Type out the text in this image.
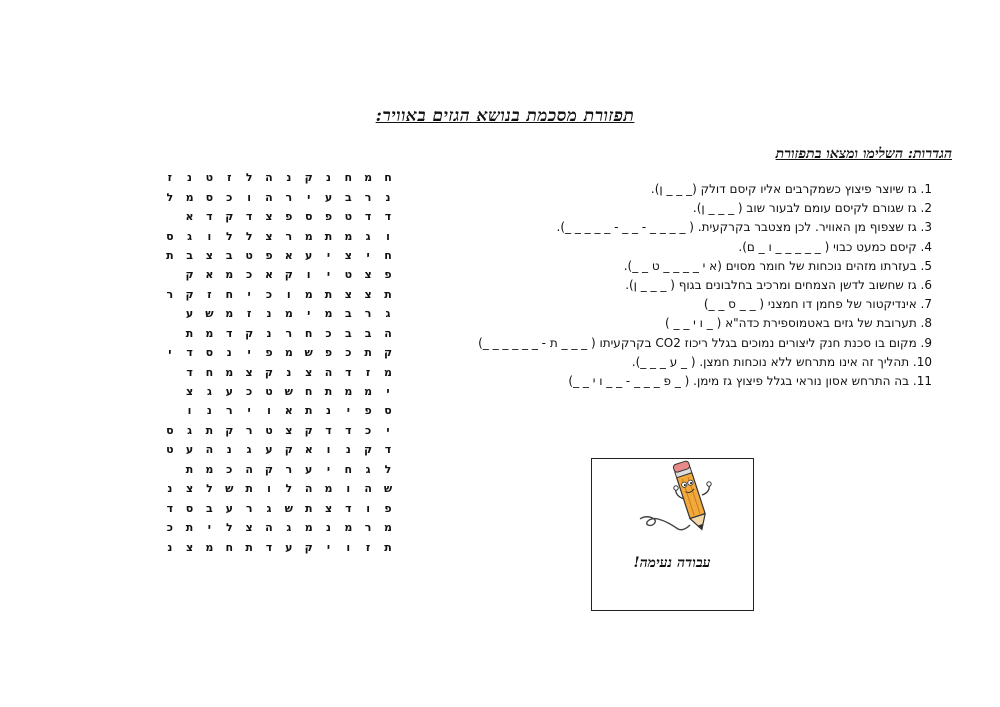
תפזורת מסכמת בנושא הגזים באוויר:
הגדרות: השלימו ומצאו בתפזורת
1. גז שיוצר פיצוץ כשמקרבים אליו קיסם דולק (_ _ _ ן).
2. גז שגורם לקיסם עומם לבעור שוב ( _ _ _ ן).
3. גז שצפוף מן האוויר. לכן מצטבר בקרקעית. ( _ _ _ _ - _ _ - _ _ _ _ _).
4. קיסם כמעט כבוי ( _ _ _ _ _ ו _ ם).
5. בעזרתו מזהים נוכחות של חומר מסוים (א י _ _ _ _ ט _ _).
6. גז שחשוב לדשן הצמחים ומרכיב בחלבונים בגוף ( _ _ _ ן).
7. אינדיקטור של פחמן דו חמצני ( _ _ ס _ _)
8. תערובת של גזים באטמוספירת כדה"א ( _ ו י _ _ )
9. מקום בו סכנת חנק ליצורים נמוכים בגלל ריכוז CO2 בקרקעיתו ( _ _ _ ת - _ _ _ _ _ _)
10. תהליך זה אינו מתרחש ללא נוכחות חמצן. ( _ ע _ _ _).
11. בה התרחש אסון נוראי בגלל פיצוץ גז מימן. ( _ פ _ _ _ - _ _ ו י _ _)
ז	נ	ט	ז	ל	ה	נ	ק	נ	ח	מ	ח
ל	מ	ס	כ	ו	ה	ר	י	ע	ב	ר	נ
	א	ד	ק	ד	צ	פ	ס	פ	ט	ד	ד
ס	ג	ו	ל	ל	צ	ר	מ	ת	מ	ג	ו
ת	ב	צ	ב	ט	פ	א	ע	י	צ	י	ח
	ק	א	מ	כ	א	ק	ו	י	ט	צ	פ
ר	ק	ז	ח	י	כ	ו	מ	ת	צ	צ	ת
	ע	ש	מ	ז	נ	מ	י	מ	ב	ר	ג
	ת	מ	ד	ק	נ	ר	ח	כ	ב	ב	ה
י	ד	ס	נ	י	פ	מ	ש	פ	כ	ת	ק
	ד	ח	מ	צ	ק	נ	צ	ה	ד	ז	מ
	צ	ג	ע	כ	ט	ש	ח	ת	מ	מ	י
	ו	נ	ר	י	ו	א	ת	נ	י	פ	ס
ס	ג	ת	ק	ר	ט	צ	ק	ד	ד	כ	י
ט	ע	ה	נ	ג	ע	ק	א	ו	נ	ק	ד
	ת	מ	כ	ה	ק	ר	ע	י	ח	ג	ל
נ	צ	ל	ש	ת	ו	ל	ה	מ	ו	ה	ש
ד	ס	ב	ע	ר	ג	ש	ת	צ	ד	ו	פ
כ	ת	י	ל	צ	ה	ג	מ	נ	מ	ר	מ
נ	צ	מ	ח	ת	ד	ע	ק	י	ו	ז	ת
עבודה נעימה!
